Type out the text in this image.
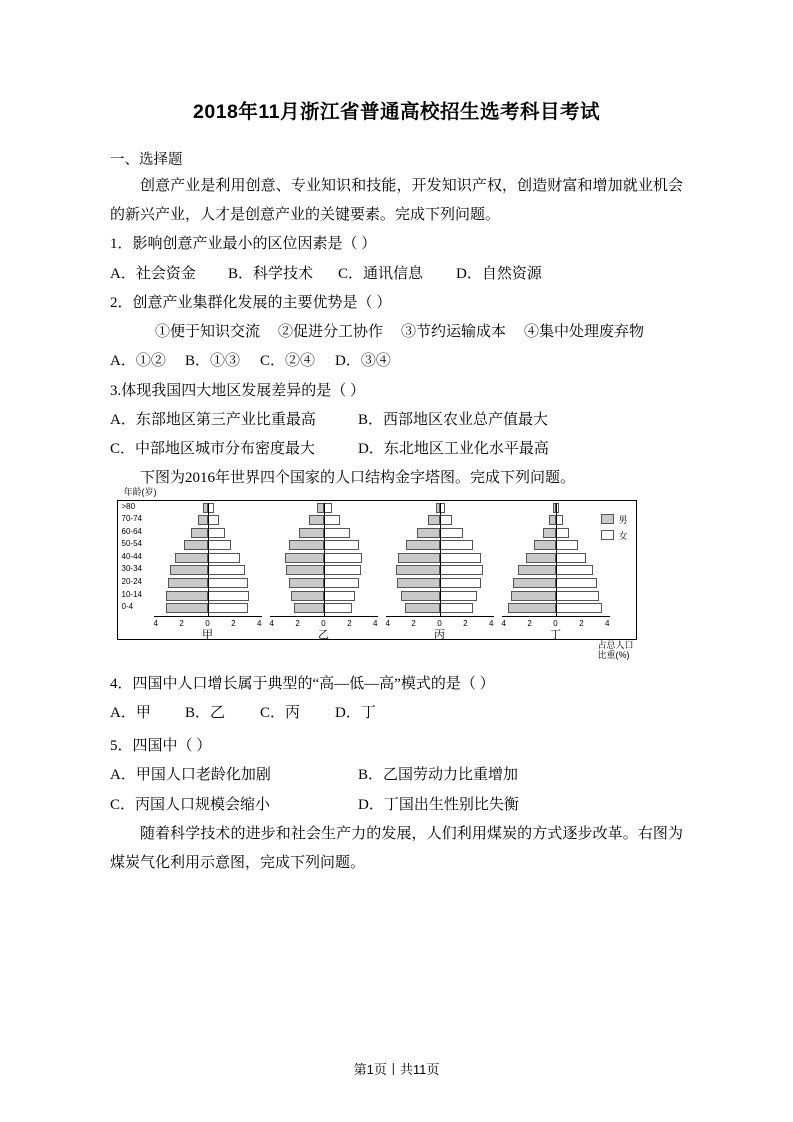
2018年11月浙江省普通高校招生选考科目考试
一、选择题

创意产业是利用创意、专业知识和技能，开发知识产权，创造财富和增加就业机会的新兴产业，人才是创意产业的关键要素。完成下列问题。

1．影响创意产业最小的区位因素是（ ）

A．社会资金	B．科学技术	C．通讯信息	D．自然资源

2．创意产业集群化发展的主要优势是（ ）

①便于知识交流 ②促进分工协作 ③节约运输成本 ④集中处理废弃物

A．①②	B．①③	C．②④	D．③④

3.体现我国四大地区发展差异的是（ ）

A．东部地区第三产业比重最高	B．西部地区农业总产值最大
C．中部地区城市分布密度最大	D．东北地区工业化水平最高

下图为2016年世界四个国家的人口结构金字塔图。完成下列问题。

年龄(岁)
>80
70-74
60-64
50-54
40-44
30-34
20-24
10-14
0-4
4	2	0	2	4
甲
4	2	0	2	4
乙
4	2	0	2	4
丙
4	2	0	2	4
丁
男
女
占总人口
比重(%)

4．四国中人口增长属于典型的“高—低—高”模式的是（ ）

A．甲	B．乙	C．丙	D．丁

5．四国中（ ）

A．甲国人口老龄化加剧	B．乙国劳动力比重增加
C．丙国人口规模会缩小	D．丁国出生性别比失衡

随着科学技术的进步和社会生产力的发展，人们利用煤炭的方式逐步改革。右图为煤炭气化利用示意图，完成下列问题。

第1页丨共11页
